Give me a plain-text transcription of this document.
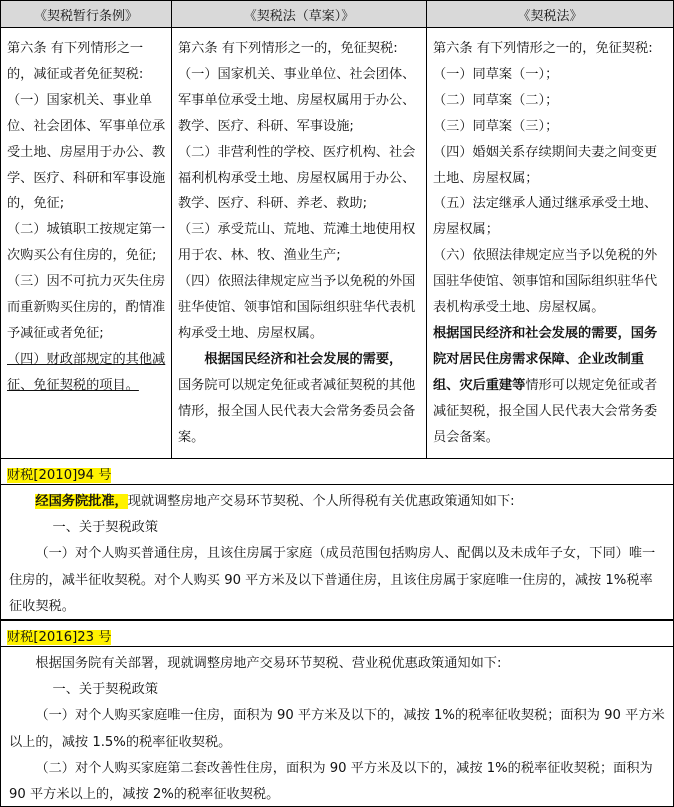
《契税暂行条例》	《契税法（草案）》	《契税法》

第六条 有下列情形之一的，减征或者免征契税:

（一）国家机关、事业单位、社会团体、军事单位承受土地、房屋用于办公、教学、医疗、科研和军事设施的，免征;

（二）城镇职工按规定第一次购买公有住房的，免征;

（三）因不可抗力灭失住房而重新购买住房的，酌情准予减征或者免征;

（四）财政部规定的其他减征、免征契税的项目。

第六条 有下列情形之一的，免征契税:

（一）国家机关、事业单位、社会团体、军事单位承受土地、房屋权属用于办公、教学、医疗、科研、军事设施;

（二）非营利性的学校、医疗机构、社会福利机构承受土地、房屋权属用于办公、教学、医疗、科研、养老、救助;

（三）承受荒山、荒地、荒滩土地使用权用于农、林、牧、渔业生产;

（四）依照法律规定应当予以免税的外国驻华使馆、领事馆和国际组织驻华代表机构承受土地、房屋权属。

根据国民经济和社会发展的需要，

国务院可以规定免征或者减征契税的其他情形，报全国人民代表大会常务委员会备案。

第六条 有下列情形之一的，免征契税:

（一）同草案（一）；

（二）同草案（二）；

（三）同草案（三）；

（四）婚姻关系存续期间夫妻之间变更土地、房屋权属；

（五）法定继承人通过继承承受土地、房屋权属；

（六）依照法律规定应当予以免税的外国驻华使馆、领事馆和国际组织驻华代表机构承受土地、房屋权属。

根据国民经济和社会发展的需要，国务院对居民住房需求保障、企业改制重组、灾后重建等情形可以规定免征或者减征契税，报全国人民代表大会常务委员会备案。

财税[2010]94 号

经国务院批准，现就调整房地产交易环节契税、个人所得税有关优惠政策通知如下:

一、关于契税政策

（一）对个人购买普通住房，且该住房属于家庭（成员范围包括购房人、配偶以及未成年子女，下同）唯一住房的，减半征收契税。对个人购买 90 平方米及以下普通住房，且该住房属于家庭唯一住房的，减按 1%税率征收契税。

财税[2016]23 号

根据国务院有关部署，现就调整房地产交易环节契税、营业税优惠政策通知如下:

一、关于契税政策

（一）对个人购买家庭唯一住房，面积为 90 平方米及以下的，减按 1%的税率征收契税；面积为 90 平方米以上的，减按 1.5%的税率征收契税。

（二）对个人购买家庭第二套改善性住房，面积为 90 平方米及以下的，减按 1%的税率征收契税；面积为 90 平方米以上的，减按 2%的税率征收契税。
